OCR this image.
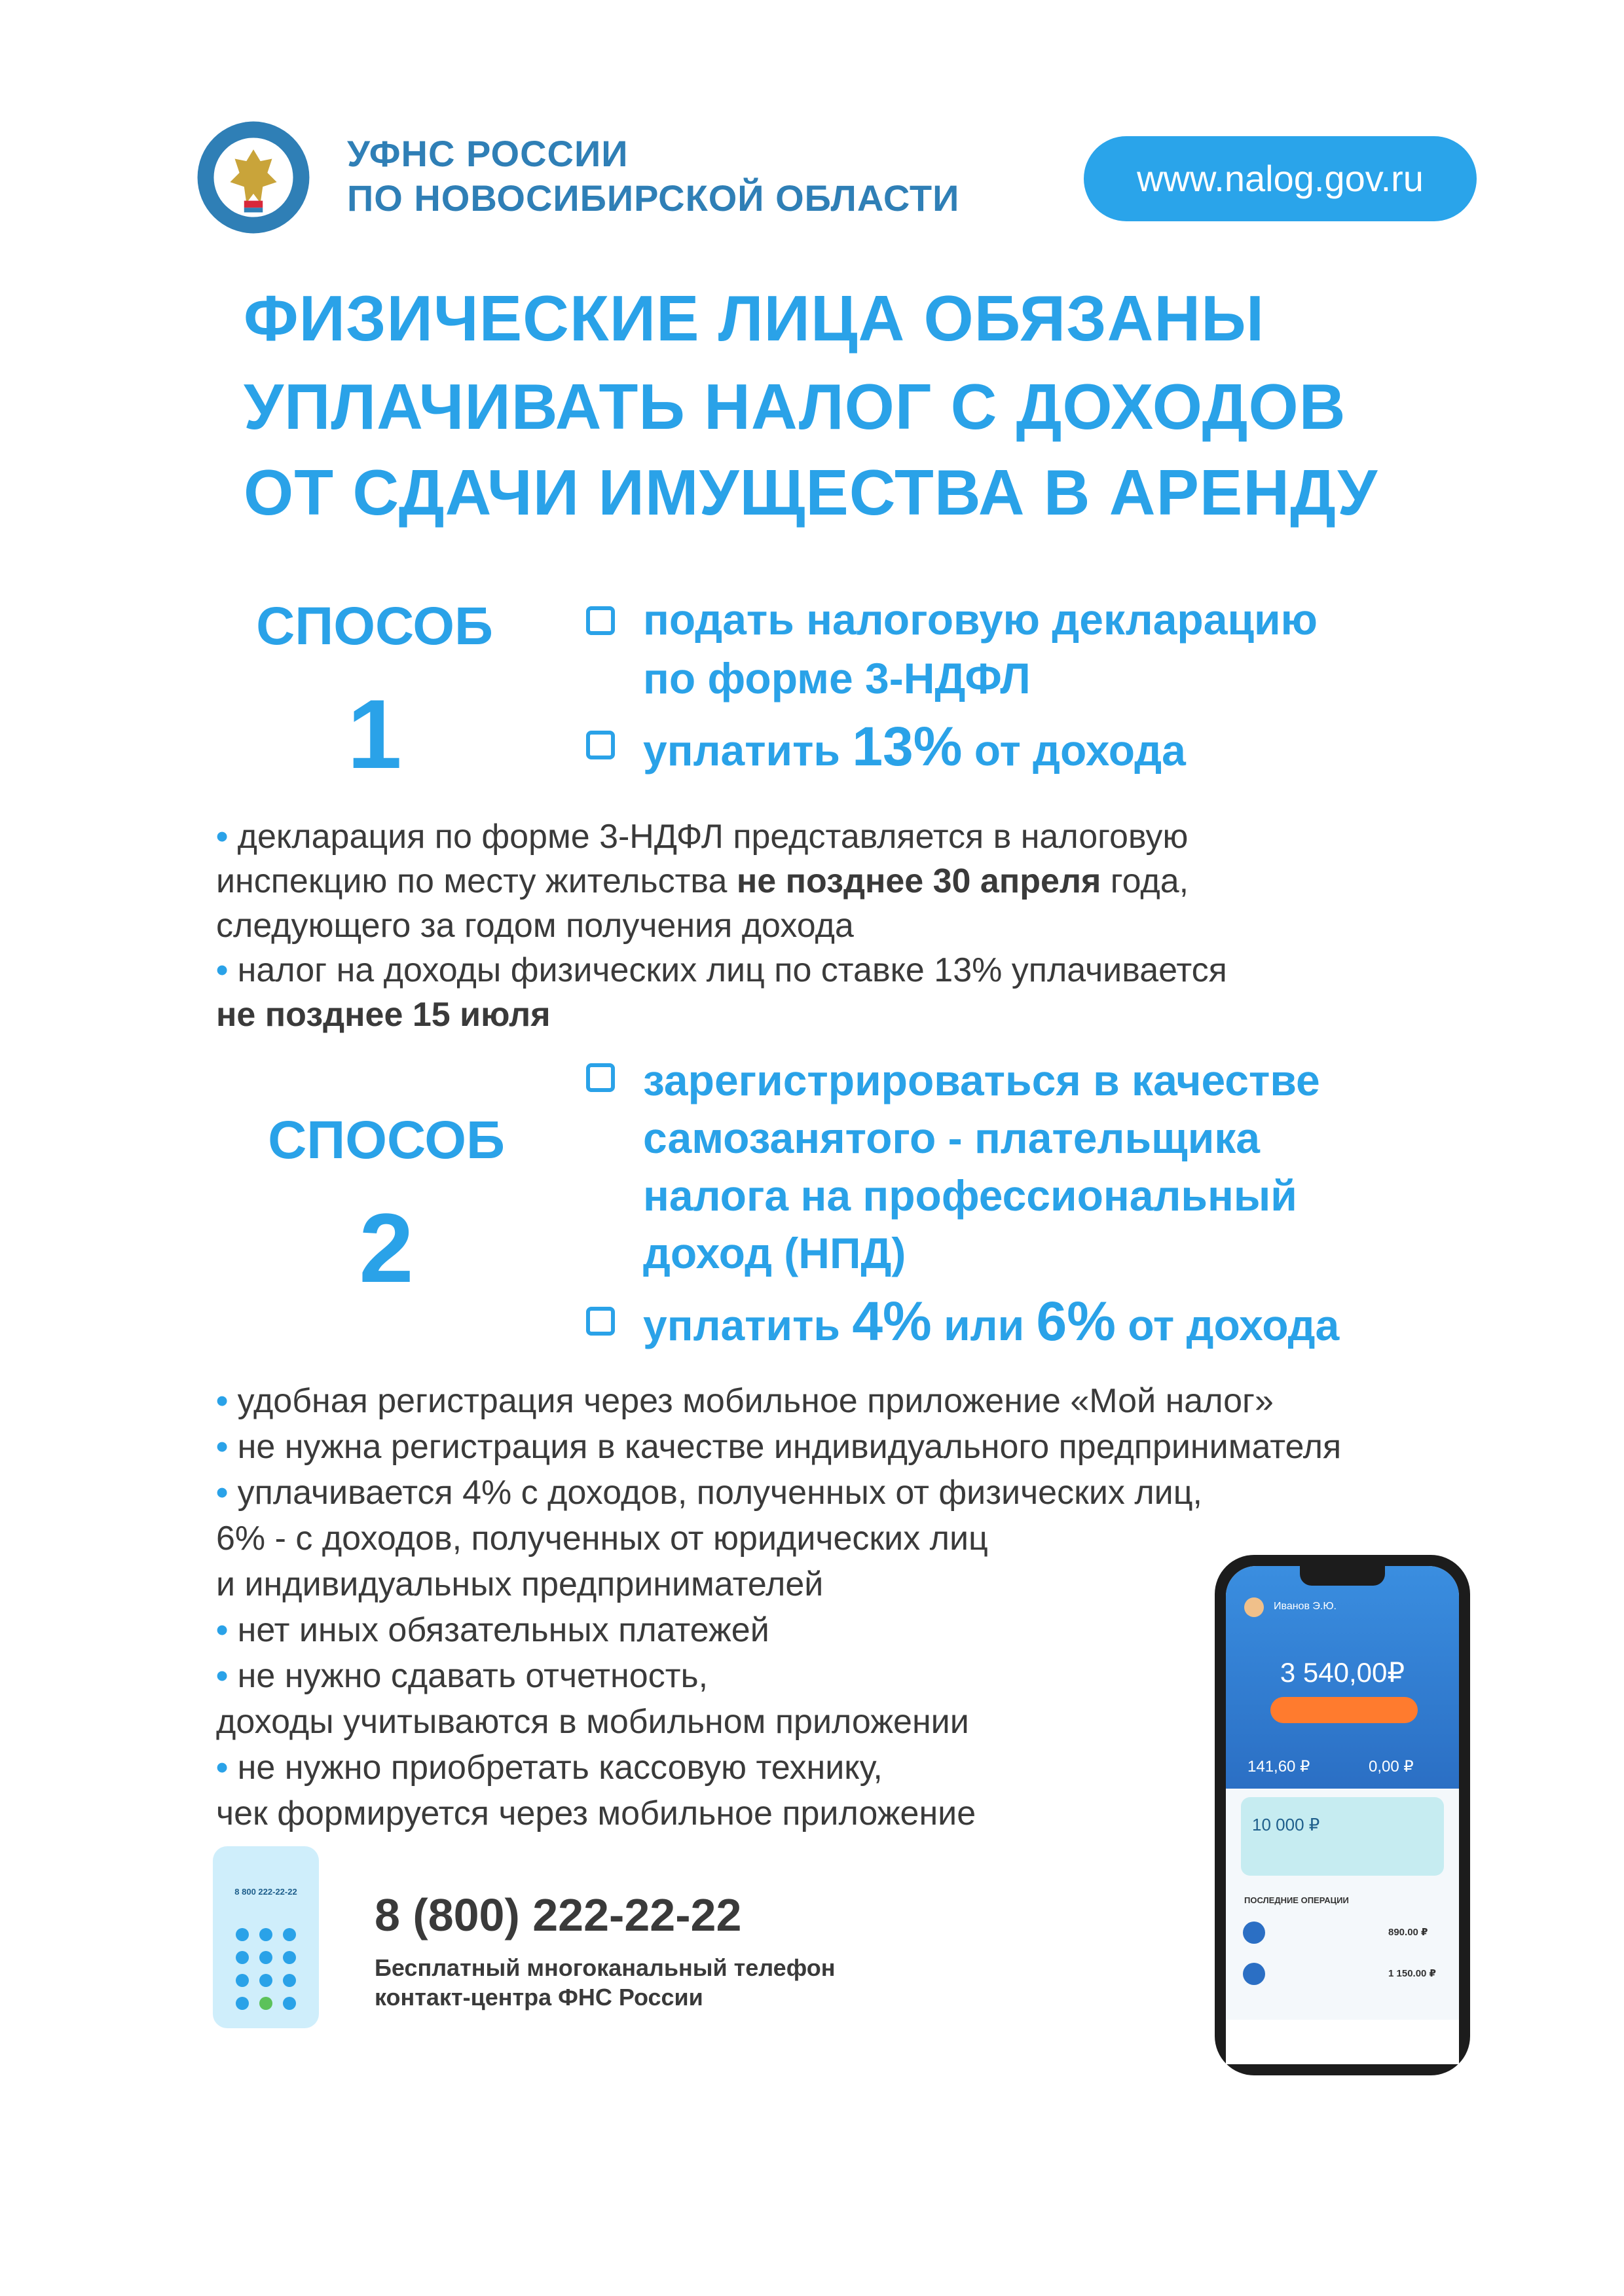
УФНС РОССИИ
ПО НОВОСИБИРСКОЙ ОБЛАСТИ	www.nalog.gov.ru
ФИЗИЧЕСКИЕ ЛИЦА ОБЯЗАНЫ
УПЛАЧИВАТЬ НАЛОГ С ДОХОДОВ
ОТ СДАЧИ ИМУЩЕСТВА В АРЕНДУ
СПОСОБ
1
подать налоговую декларацию
по форме 3-НДФЛ
уплатить 13% от дохода
• декларация по форме 3-НДФЛ представляется в налоговую
инспекцию по месту жительства не позднее 30 апреля года,
следующего за годом получения дохода
• налог на доходы физических лиц по ставке 13% уплачивается
не позднее 15 июля
СПОСОБ
2
зарегистрироваться в качестве
самозанятого - плательщика
налога на профессиональный
доход (НПД)
уплатить 4% или 6% от дохода
• удобная регистрация через мобильное приложение «Мой налог»
• не нужна регистрация в качестве индивидуального предпринимателя
• уплачивается 4% с доходов, полученных от физических лиц,
6% - с доходов, полученных от юридических лиц
и индивидуальных предпринимателей
• нет иных обязательных платежей
• не нужно сдавать отчетность,
доходы учитываются в мобильном приложении
• не нужно приобретать кассовую технику,
чек формируется через мобильное приложение
8 800 222-22-22	8 (800) 222-22-22
Бесплатный многоканальный телефон
контакт-центра ФНС России
Иванов Э.Ю.
3 540,00₽
141,60 ₽	0,00 ₽
10 000 ₽
ПОСЛЕДНИЕ ОПЕРАЦИИ
890.00 ₽
1 150.00 ₽
